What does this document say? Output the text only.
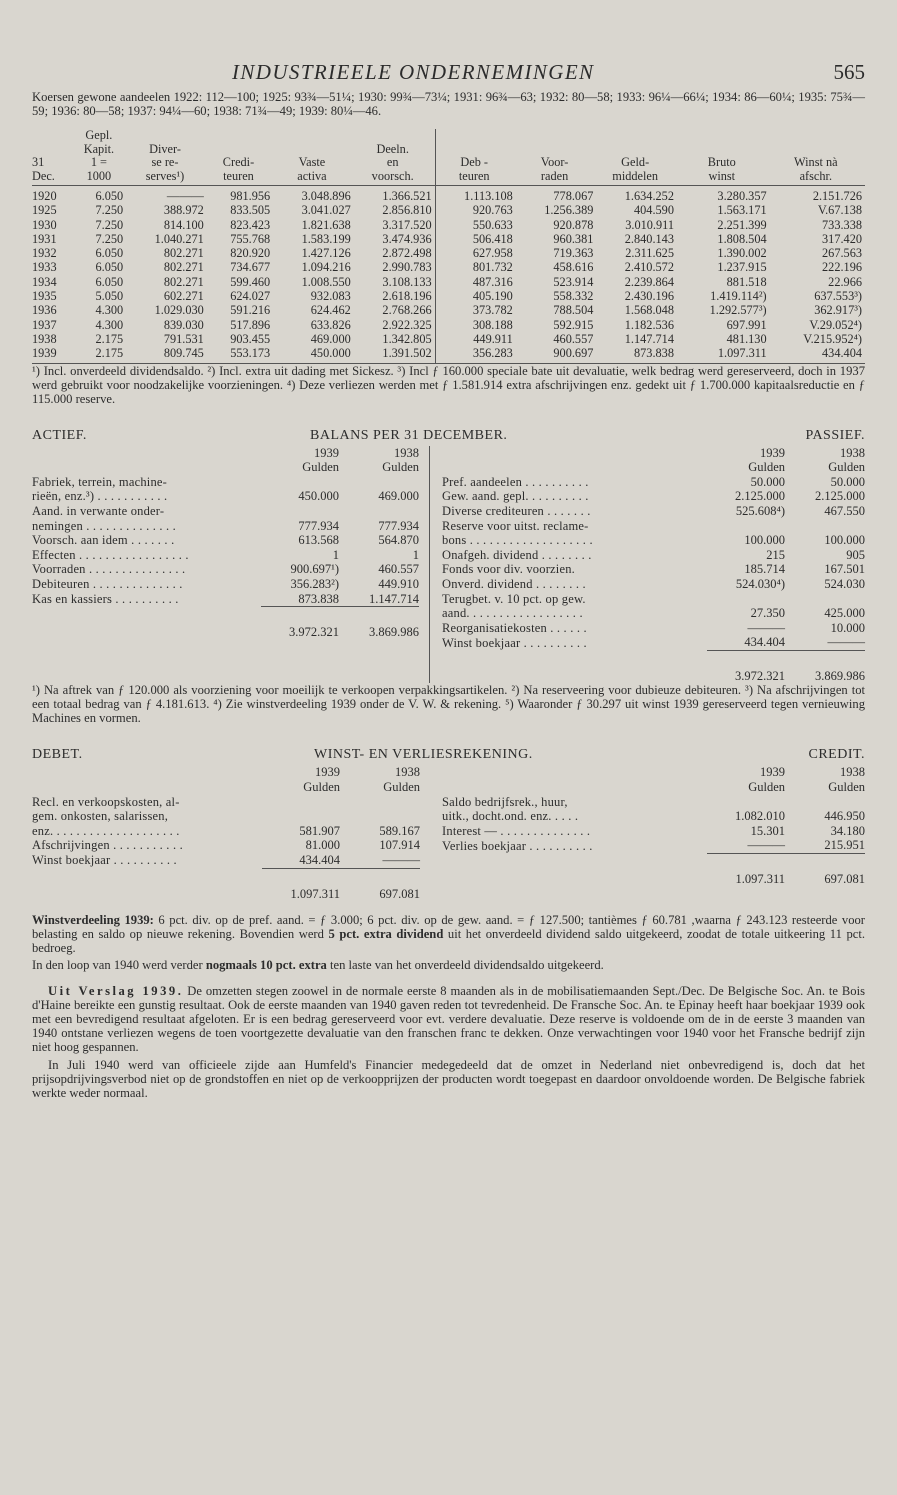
INDUSTRIEELE ONDERNEMINGEN	565

Koersen gewone aandeelen 1922: 112—100; 1925: 93¾—51¼; 1930: 99¾—73¼; 1931: 96¾—63; 1932: 80—58; 1933: 96¼—66¼; 1934: 86—60¼; 1935: 75¾—59; 1936: 80—58; 1937: 94¼—60; 1938: 71¾—49; 1939: 80¼—46.

	Gepl.									
	Kapit.	Diver-			Deeln.					
31	1 =	se re-	Credi-	Vaste	en	Deb -	Voor-	Geld-	Bruto	Winst nà
Dec.	1000	serves¹)	teuren	activa	voorsch.	teuren	raden	middelen	winst	afschr.
1920	6.050	———	981.956	3.048.896	1.366.521	1.113.108	778.067	1.634.252	3.280.357	2.151.726
1925	7.250	388.972	833.505	3.041.027	2.856.810	920.763	1.256.389	404.590	1.563.171	V.67.138
1930	7.250	814.100	823.423	1.821.638	3.317.520	550.633	920.878	3.010.911	2.251.399	733.338
1931	7.250	1.040.271	755.768	1.583.199	3.474.936	506.418	960.381	2.840.143	1.808.504	317.420
1932	6.050	802.271	820.920	1.427.126	2.872.498	627.958	719.363	2.311.625	1.390.002	267.563
1933	6.050	802.271	734.677	1.094.216	2.990.783	801.732	458.616	2.410.572	1.237.915	222.196
1934	6.050	802.271	599.460	1.008.550	3.108.133	487.316	523.914	2.239.864	881.518	22.966
1935	5.050	602.271	624.027	932.083	2.618.196	405.190	558.332	2.430.196	1.419.114²)	637.553³)
1936	4.300	1.029.030	591.216	624.462	2.768.266	373.782	788.504	1.568.048	1.292.577³)	362.917³)
1937	4.300	839.030	517.896	633.826	2.922.325	308.188	592.915	1.182.536	697.991	V.29.052⁴)
1938	2.175	791.531	903.455	469.000	1.342.805	449.911	460.557	1.147.714	481.130	V.215.952⁴)
1939	2.175	809.745	553.173	450.000	1.391.502	356.283	900.697	873.838	1.097.311	434.404

¹) Incl. onverdeeld dividendsaldo. ²) Incl. extra uit dading met Sickesz. ³) Incl ƒ 160.000 speciale bate uit devaluatie, welk bedrag werd gereserveerd, doch in 1937 werd gebruikt voor noodzakelijke voorzieningen. ⁴) Deze verliezen werden met ƒ 1.581.914 extra afschrijvingen enz. gedekt uit ƒ 1.700.000 kapitaalsreductie en ƒ 115.000 reserve.

ACTIEF.	BALANS PER 31 DECEMBER.	PASSIEF.
	1939	1938
	Gulden	Gulden
Fabriek, terrein, machine-		
rieën, enz.³) . . . . . . . . . . .	450.000	469.000
Aand. in verwante onder-		
nemingen . . . . . . . . . . . . . .	777.934	777.934
Voorsch. aan idem . . . . . . .	613.568	564.870
Effecten . . . . . . . . . . . . . . . . .	1	1
Voorraden . . . . . . . . . . . . . . .	900.697¹)	460.557
Debiteuren . . . . . . . . . . . . . .	356.283²)	449.910
Kas en kassiers . . . . . . . . . .	873.838	1.147.714
	3.972.321	3.869.986
	1939	1938
	Gulden	Gulden
Pref. aandeelen . . . . . . . . . .	50.000	50.000
Gew. aand. gepl. . . . . . . . . .	2.125.000	2.125.000
Diverse crediteuren . . . . . . .	525.608⁴)	467.550
Reserve voor uitst. reclame-		
bons . . . . . . . . . . . . . . . . . . .	100.000	100.000
Onafgeh. dividend . . . . . . . .	215	905
Fonds voor div. voorzien.	185.714	167.501
Onverd. dividend . . . . . . . .	524.030⁴)	524.030
Terugbet. v. 10 pct. op gew.		
aand. . . . . . . . . . . . . . . . . .	27.350	425.000
Reorganisatiekosten . . . . . .	———	10.000
Winst boekjaar . . . . . . . . . .	434.404	———
	3.972.321	3.869.986

¹) Na aftrek van ƒ 120.000 als voorziening voor moeilijk te verkoopen verpakkingsartikelen. ²) Na reserveering voor dubieuze debiteuren. ³) Na afschrijvingen tot een totaal bedrag van ƒ 4.181.613. ⁴) Zie winstverdeeling 1939 onder de V. W. & rekening. ⁵) Waaronder ƒ 30.297 uit winst 1939 gereserveerd tegen vernieuwing Machines en vormen.

DEBET.	WINST- EN VERLIESREKENING.	CREDIT.
	1939	1938
	Gulden	Gulden
Recl. en verkoopskosten, al-		
gem. onkosten, salarissen,		
enz. . . . . . . . . . . . . . . . . . . .	581.907	589.167
Afschrijvingen . . . . . . . . . . .	81.000	107.914
Winst boekjaar . . . . . . . . . .	434.404	———
	1.097.311	697.081
	1939	1938
	Gulden	Gulden
Saldo bedrijfsrek., huur,		
uitk., docht.ond. enz. . . . .	1.082.010	446.950
Interest — . . . . . . . . . . . . . .	15.301	34.180
Verlies boekjaar . . . . . . . . . .	———	215.951
	1.097.311	697.081

Winstverdeeling 1939: 6 pct. div. op de pref. aand. = ƒ 3.000; 6 pct. div. op de gew. aand. = ƒ 127.500; tantièmes ƒ 60.781 ,waarna ƒ 243.123 resteerde voor belasting en saldo op nieuwe rekening. Bovendien werd 5 pct. extra dividend uit het onverdeeld dividend saldo uitgekeerd, zoodat de totale uitkeering 11 pct. bedroeg.

In den loop van 1940 werd verder nogmaals 10 pct. extra ten laste van het onverdeeld dividendsaldo uitgekeerd.

Uit Verslag 1939. De omzetten stegen zoowel in de normale eerste 8 maanden als in de mobilisatiemaanden Sept./Dec. De Belgische Soc. An. te Bois d'Haine bereikte een gunstig resultaat. Ook de eerste maanden van 1940 gaven reden tot tevredenheid. De Fransche Soc. An. te Epinay heeft haar boekjaar 1939 ook met een bevredigend resultaat afgeloten. Er is een bedrag gereserveerd voor evt. verdere devaluatie. Deze reserve is voldoende om de in de eerste 3 maanden van 1940 ontstane verliezen wegens de toen voortgezette devaluatie van den franschen franc te dekken. Onze verwachtingen voor 1940 voor het Fransche bedrijf zijn niet hoog gespannen.

In Juli 1940 werd van officieele zijde aan Humfeld's Financier medegedeeld dat de omzet in Nederland niet onbevredigend is, doch dat het prijsopdrijvingsverbod niet op de grondstoffen en niet op de verkoopprijzen der producten wordt toegepast en daardoor onvoldoende worden. De Belgische fabriek werkte weder normaal.
